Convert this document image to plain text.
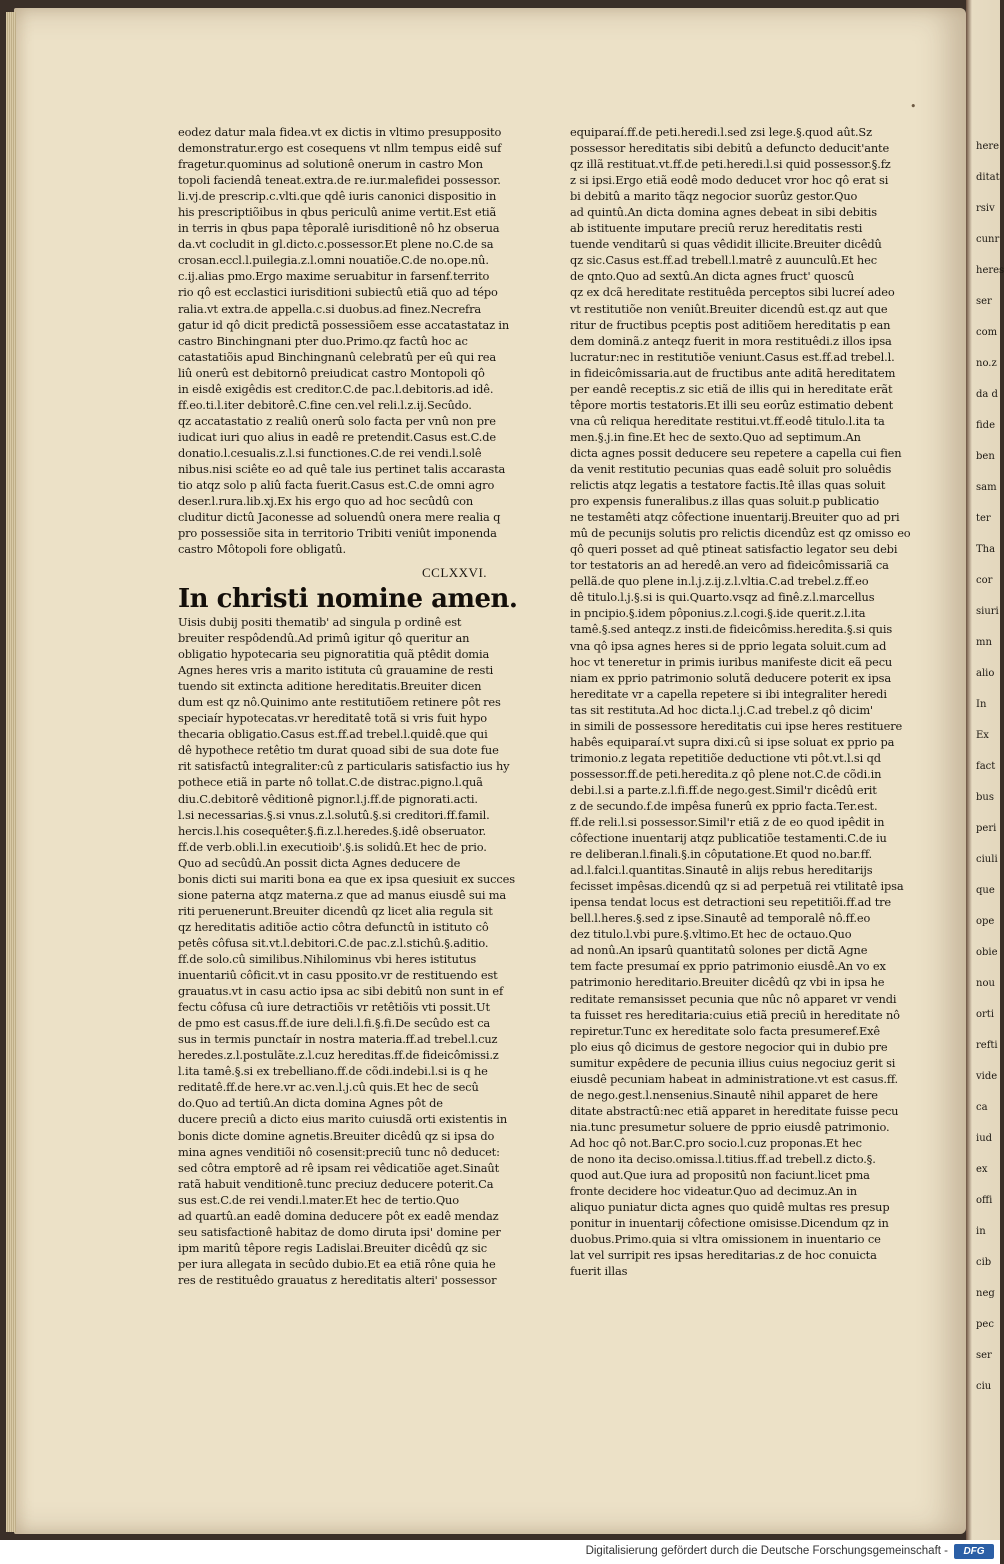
•
eodez datur mala fidea.vt ex dictis in vltimo presupposito
demonstratur.ergo est cosequens vt nllm tempus eidê suf
fragetur.quominus ad solutionê onerum in castro Mon
topoli faciendâ teneat.extra.de re.iur.malefidei possessor.
li.vj.de prescrip.c.vlti.que qdê iuris canonici dispositio in
his prescriptiõibus in qbus periculû anime vertit.Est etiã
in terris in qbus papa têporalê iurisditionê nô hz obserua
da.vt cocludit in gl.dicto.c.possessor.Et plene no.C.de sa
crosan.eccl.l.puilegia.z.l.omni nouatiõe.C.de no.ope.nû.
c.ij.alias pmo.Ergo maxime seruabitur in farsenf.territo
rio qô est ecclastici iurisditioni subiectû etiã quo ad tépo
ralia.vt extra.de appella.c.si duobus.ad finez.Necrefra
gatur id qô dicit predictã possessiõem esse accatastataz in
castro Binchingnani pter duo.Primo.qz factû hoc ac
catastatiõis apud Binchingnanû celebratû per eû qui rea
liû onerû est debitornô preiudicat castro Montopoli qô
in eisdê exigêdis est creditor.C.de pac.l.debitoris.ad idê.
ff.eo.ti.l.iter debitorê.C.fine cen.vel reli.l.z.ij.Secûdo.
qz accatastatio z realiû onerû solo facta per vnû non pre
iudicat iuri quo alius in eadê re pretendit.Casus est.C.de
donatio.l.cesualis.z.l.si functiones.C.de rei vendi.l.solê
nibus.nisi sciête eo ad quê tale ius pertinet talis accarasta
tio atqz solo p aliû facta fuerit.Casus est.C.de omni agro
deser.l.rura.lib.xj.Ex his ergo quo ad hoc secûdû con
cluditur dictû Jaconesse ad soluendû onera mere realia q
pro possessiõe sita in territorio Tribiti veniût imponenda
castro Môtopoli fore obligatû.
CCLXXVI.
In christi nomine amen.
Uisis dubij positi thematib' ad singula p ordinê est
breuiter respôdendû.Ad primû igitur qô queritur an
obligatio hypotecaria seu pignoratitia quã ptêdit domia
Agnes heres vris a marito istituta cû grauamine de resti
tuendo sit extincta aditione hereditatis.Breuiter dicen
dum est qz nô.Quinimo ante restitutiõem retinere pôt res
speciaír hypotecatas.vr hereditatê totã si vris fuit hypo
thecaria obligatio.Casus est.ff.ad trebel.l.quidê.que qui
dê hypothece retêtio tm durat quoad sibi de sua dote fue
rit satisfactû integraliter:cû z particularis satisfactio ius hy
pothece etiã in parte nô tollat.C.de distrac.pigno.l.quã
diu.C.debitorê vêditionê pignor.l.j.ff.de pignorati.acti.
l.si necessarias.§.si vnus.z.l.solutû.§.si creditori.ff.famil.
hercis.l.his cosequêter.§.fi.z.l.heredes.§.idê obseruator.
ff.de verb.obli.l.in executioib'.§.is solidû.Et hec de prio.
Quo ad secûdû.An possit dicta Agnes deducere de
bonis dicti sui mariti bona ea que ex ipsa quesiuit ex succes
sione paterna atqz materna.z que ad manus eiusdê sui ma
riti peruenerunt.Breuiter dicendû qz licet alia regula sit
qz hereditatis aditiõe actio côtra defunctû in istituto cô
petês côfusa sit.vt.l.debitori.C.de pac.z.l.stichû.§.aditio.
ff.de solo.cû similibus.Nihilominus vbi heres istitutus
inuentariû côficit.vt in casu pposito.vr de restituendo est
grauatus.vt in casu actio ipsa ac sibi debitû non sunt in ef
fectu côfusa cû iure detractiõis vr retêtiõis vti possit.Ut
de pmo est casus.ff.de iure deli.l.fi.§.fi.De secûdo est ca
sus in termis punctaír in nostra materia.ff.ad trebel.l.cuz
heredes.z.l.postulãte.z.l.cuz hereditas.ff.de fideicômissi.z
l.ita tamê.§.si ex trebelliano.ff.de cõdi.indebi.l.si is q he
reditatê.ff.de here.vr ac.ven.l.j.cû quis.Et hec de secû
do.Quo ad tertiû.An dicta domina Agnes pôt de
ducere preciû a dicto eius marito cuiusdã orti existentis in
bonis dicte domine agnetis.Breuiter dicêdû qz si ipsa do
mina agnes venditiõi nô cosensit:preciû tunc nô deducet:
sed côtra emptorê ad rê ipsam rei vêdicatiõe aget.Sinaût
ratã habuit venditionê.tunc preciuz deducere poterit.Ca
sus est.C.de rei vendi.l.mater.Et hec de tertio.Quo
ad quartû.an eadê domina deducere pôt ex eadê mendaz
seu satisfactionê habitaz de domo diruta ipsi' domine per
ipm maritû têpore regis Ladislai.Breuiter dicêdû qz sic
per iura allegata in secûdo dubio.Et ea etiã rône quia he
res de restituêdo grauatus z hereditatis alteri' possessor
equiparaí.ff.de peti.heredi.l.sed zsi lege.§.quod aût.Sz
possessor hereditatis sibi debitû a defuncto deducit'ante
qz illã restituat.vt.ff.de peti.heredi.l.si quid possessor.§.fz
z si ipsi.Ergo etiã eodê modo deducet vror hoc qô erat si
bi debitû a marito tãqz negocior suorûz gestor.Quo
ad quintû.An dicta domina agnes debeat in sibi debitis
ab istituente imputare preciû reruz hereditatis resti
tuende venditarû si quas vêdidit illicite.Breuiter dicêdû
qz sic.Casus est.ff.ad trebell.l.matrê z auunculû.Et hec
de qnto.Quo ad sextû.An dicta agnes fruct' quoscû
qz ex dcã hereditate restituêda perceptos sibi lucreí adeo
vt restitutiõe non veniût.Breuiter dicendû est.qz aut que
ritur de fructibus pceptis post aditiõem hereditatis p ean
dem dominã.z anteqz fuerit in mora restituêdi.z illos ipsa
lucratur:nec in restitutiõe veniunt.Casus est.ff.ad trebel.l.
in fideicômissaria.aut de fructibus ante aditã hereditatem
per eandê receptis.z sic etiã de illis qui in hereditate erãt
têpore mortis testatoris.Et illi seu eorûz estimatio debent
vna cû reliqua hereditate restitui.vt.ff.eodê titulo.l.ita ta
men.§.j.in fine.Et hec de sexto.Quo ad septimum.An
dicta agnes possit deducere seu repetere a capella cui fien
da venit restitutio pecunias quas eadê soluit pro soluêdis
relictis atqz legatis a testatore factis.Itê illas quas soluit
pro expensis funeralibus.z illas quas soluit.p publicatio
ne testamêti atqz côfectione inuentarij.Breuiter quo ad pri
mû de pecunijs solutis pro relictis dicendûz est qz omisso eo
qô queri posset ad quê ptineat satisfactio legator seu debi
tor testatoris an ad heredê.an vero ad fideicômissariã ca
pellã.de quo plene in.l.j.z.ij.z.l.vltia.C.ad trebel.z.ff.eo
dê titulo.l.j.§.si is qui.Quarto.vsqz ad finê.z.l.marcellus
in pncipio.§.idem pôponius.z.l.cogi.§.ide querit.z.l.ita
tamê.§.sed anteqz.z insti.de fideicômiss.heredita.§.si quis
vna qô ipsa agnes heres si de pprio legata soluit.cum ad
hoc vt teneretur in primis iuribus manifeste dicit eã pecu
niam ex pprio patrimonio solutã deducere poterit ex ipsa
hereditate vr a capella repetere si ibi integraliter heredi
tas sit restituta.Ad hoc dicta.l.j.C.ad trebel.z qô dicim'
in simili de possessore hereditatis cui ipse heres restituere
habês equiparaí.vt supra dixi.cû si ipse soluat ex pprio pa
trimonio.z legata repetitiõe deductione vti pôt.vt.l.si qd
possessor.ff.de peti.heredita.z qô plene not.C.de cõdi.in
debi.l.si a parte.z.l.fi.ff.de nego.gest.Simil'r dicêdû erit
z de secundo.f.de impêsa funerû ex pprio facta.Ter.est.
ff.de reli.l.si possessor.Simil'r etiã z de eo quod ipêdit in
côfectione inuentarij atqz publicatiõe testamenti.C.de iu
re deliberan.l.finali.§.in côputatione.Et quod no.bar.ff.
ad.l.falci.l.quantitas.Sinautê in alijs rebus hereditarijs
fecisset impêsas.dicendû qz si ad perpetuã rei vtilitatê ipsa
ipensa tendat locus est detractioni seu repetitiõi.ff.ad tre
bell.l.heres.§.sed z ipse.Sinautê ad temporalê nô.ff.eo
dez titulo.l.vbi pure.§.vltimo.Et hec de octauo.Quo
ad nonû.An ipsarû quantitatû solones per dictã Agne
tem facte presumaí ex pprio patrimonio eiusdê.An vo ex
patrimonio hereditario.Breuiter dicêdû qz vbi in ipsa he
reditate remansisset pecunia que nûc nô apparet vr vendi
ta fuisset res hereditaria:cuius etiã preciû in hereditate nô
repiretur.Tunc ex hereditate solo facta presumeref.Exê
plo eius qô dicimus de gestore negocior qui in dubio pre
sumitur expêdere de pecunia illius cuius negociuz gerit si
eiusdê pecuniam habeat in administratione.vt est casus.ff.
de nego.gest.l.nensenius.Sinautê nihil apparet de here
ditate abstractû:nec etiã apparet in hereditate fuisse pecu
nia.tunc presumetur soluere de pprio eiusdê patrimonio.
Ad hoc qô not.Bar.C.pro socio.l.cuz proponas.Et hec
de nono ita deciso.omissa.l.titius.ff.ad trebell.z dicto.§.
quod aut.Que iura ad propositû non faciunt.licet pma
fronte decidere hoc videatur.Quo ad decimuz.An in
aliquo puniatur dicta agnes quo quidê multas res presup
ponitur in inuentarij côfectione omisisse.Dicendum qz in
duobus.Primo.quia si vltra omissionem in inuentario ce
lat vel surripit res ipsas hereditarias.z de hoc conuicta
fuerit illas
here
ditat
rsiv
cunr
heres
ser
com
no.z
da d
fide
ben
sam
ter
Tha
cor
siuri
mn
alio
In
Ex
fact
bus
peri
ciuli
que
ope
obie
nou
orti
refti
vide
ca
iud
ex
offi
in
cib
neg
pec
ser
ciu
Digitalisierung gefördert durch die Deutsche Forschungsgemeinschaft -	DFG
